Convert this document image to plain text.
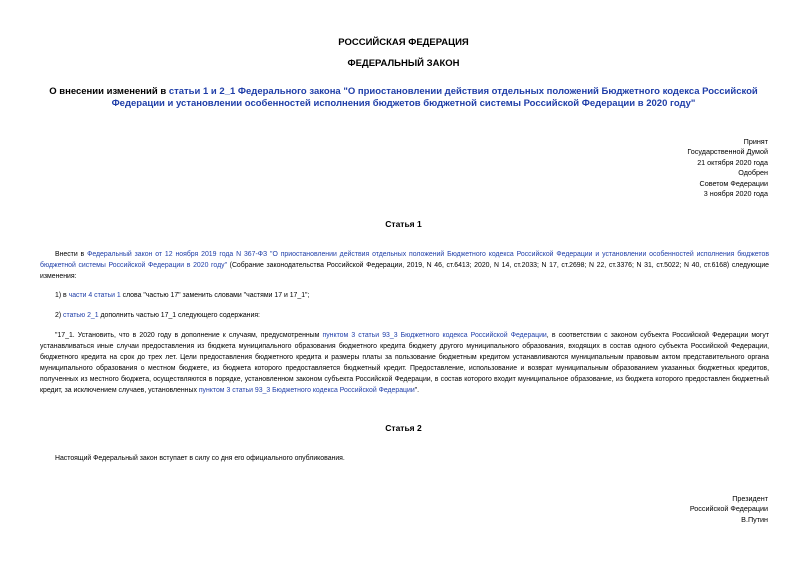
РОССИЙСКАЯ ФЕДЕРАЦИЯ
ФЕДЕРАЛЬНЫЙ ЗАКОН
О внесении изменений в статьи 1 и 2_1 Федерального закона "О приостановлении действия отдельных положений Бюджетного кодекса Российской Федерации и установлении особенностей исполнения бюджетов бюджетной системы Российской Федерации в 2020 году"
Принят
Государственной Думой
21 октября 2020 года
Одобрен
Советом Федерации
3 ноября 2020 года
Статья 1
Внести в Федеральный закон от 12 ноября 2019 года N 367-ФЗ "О приостановлении действия отдельных положений Бюджетного кодекса Российской Федерации и установлении особенностей исполнения бюджетов бюджетной системы Российской Федерации в 2020 году" (Собрание законодательства Российской Федерации, 2019, N 46, ст.6413; 2020, N 14, ст.2033; N 17, ст.2698; N 22, ст.3376; N 31, ст.5022; N 40, ст.6168) следующие изменения:
1) в части 4 статьи 1 слова "частью 17" заменить словами "частями 17 и 17_1";
2) статью 2_1 дополнить частью 17_1 следующего содержания:
"17_1. Установить, что в 2020 году в дополнение к случаям, предусмотренным пунктом 3 статьи 93_3 Бюджетного кодекса Российской Федерации, в соответствии с законом субъекта Российской Федерации могут устанавливаться иные случаи предоставления из бюджета муниципального образования бюджетного кредита бюджету другого муниципального образования, входящих в состав одного субъекта Российской Федерации, бюджетного кредита на срок до трех лет. Цели предоставления бюджетного кредита и размеры платы за пользование бюджетным кредитом устанавливаются муниципальным правовым актом представительного органа муниципального образования о местном бюджете, из бюджета которого предоставляется бюджетный кредит. Предоставление, использование и возврат муниципальным образованием указанных бюджетных кредитов, полученных из местного бюджета, осуществляются в порядке, установленном законом субъекта Российской Федерации, в состав которого входит муниципальное образование, из бюджета которого предоставлен бюджетный кредит, за исключением случаев, установленных пунктом 3 статьи 93_3 Бюджетного кодекса Российской Федерации".
Статья 2
Настоящий Федеральный закон вступает в силу со дня его официального опубликования.
Президент
Российской Федерации
В.Путин
